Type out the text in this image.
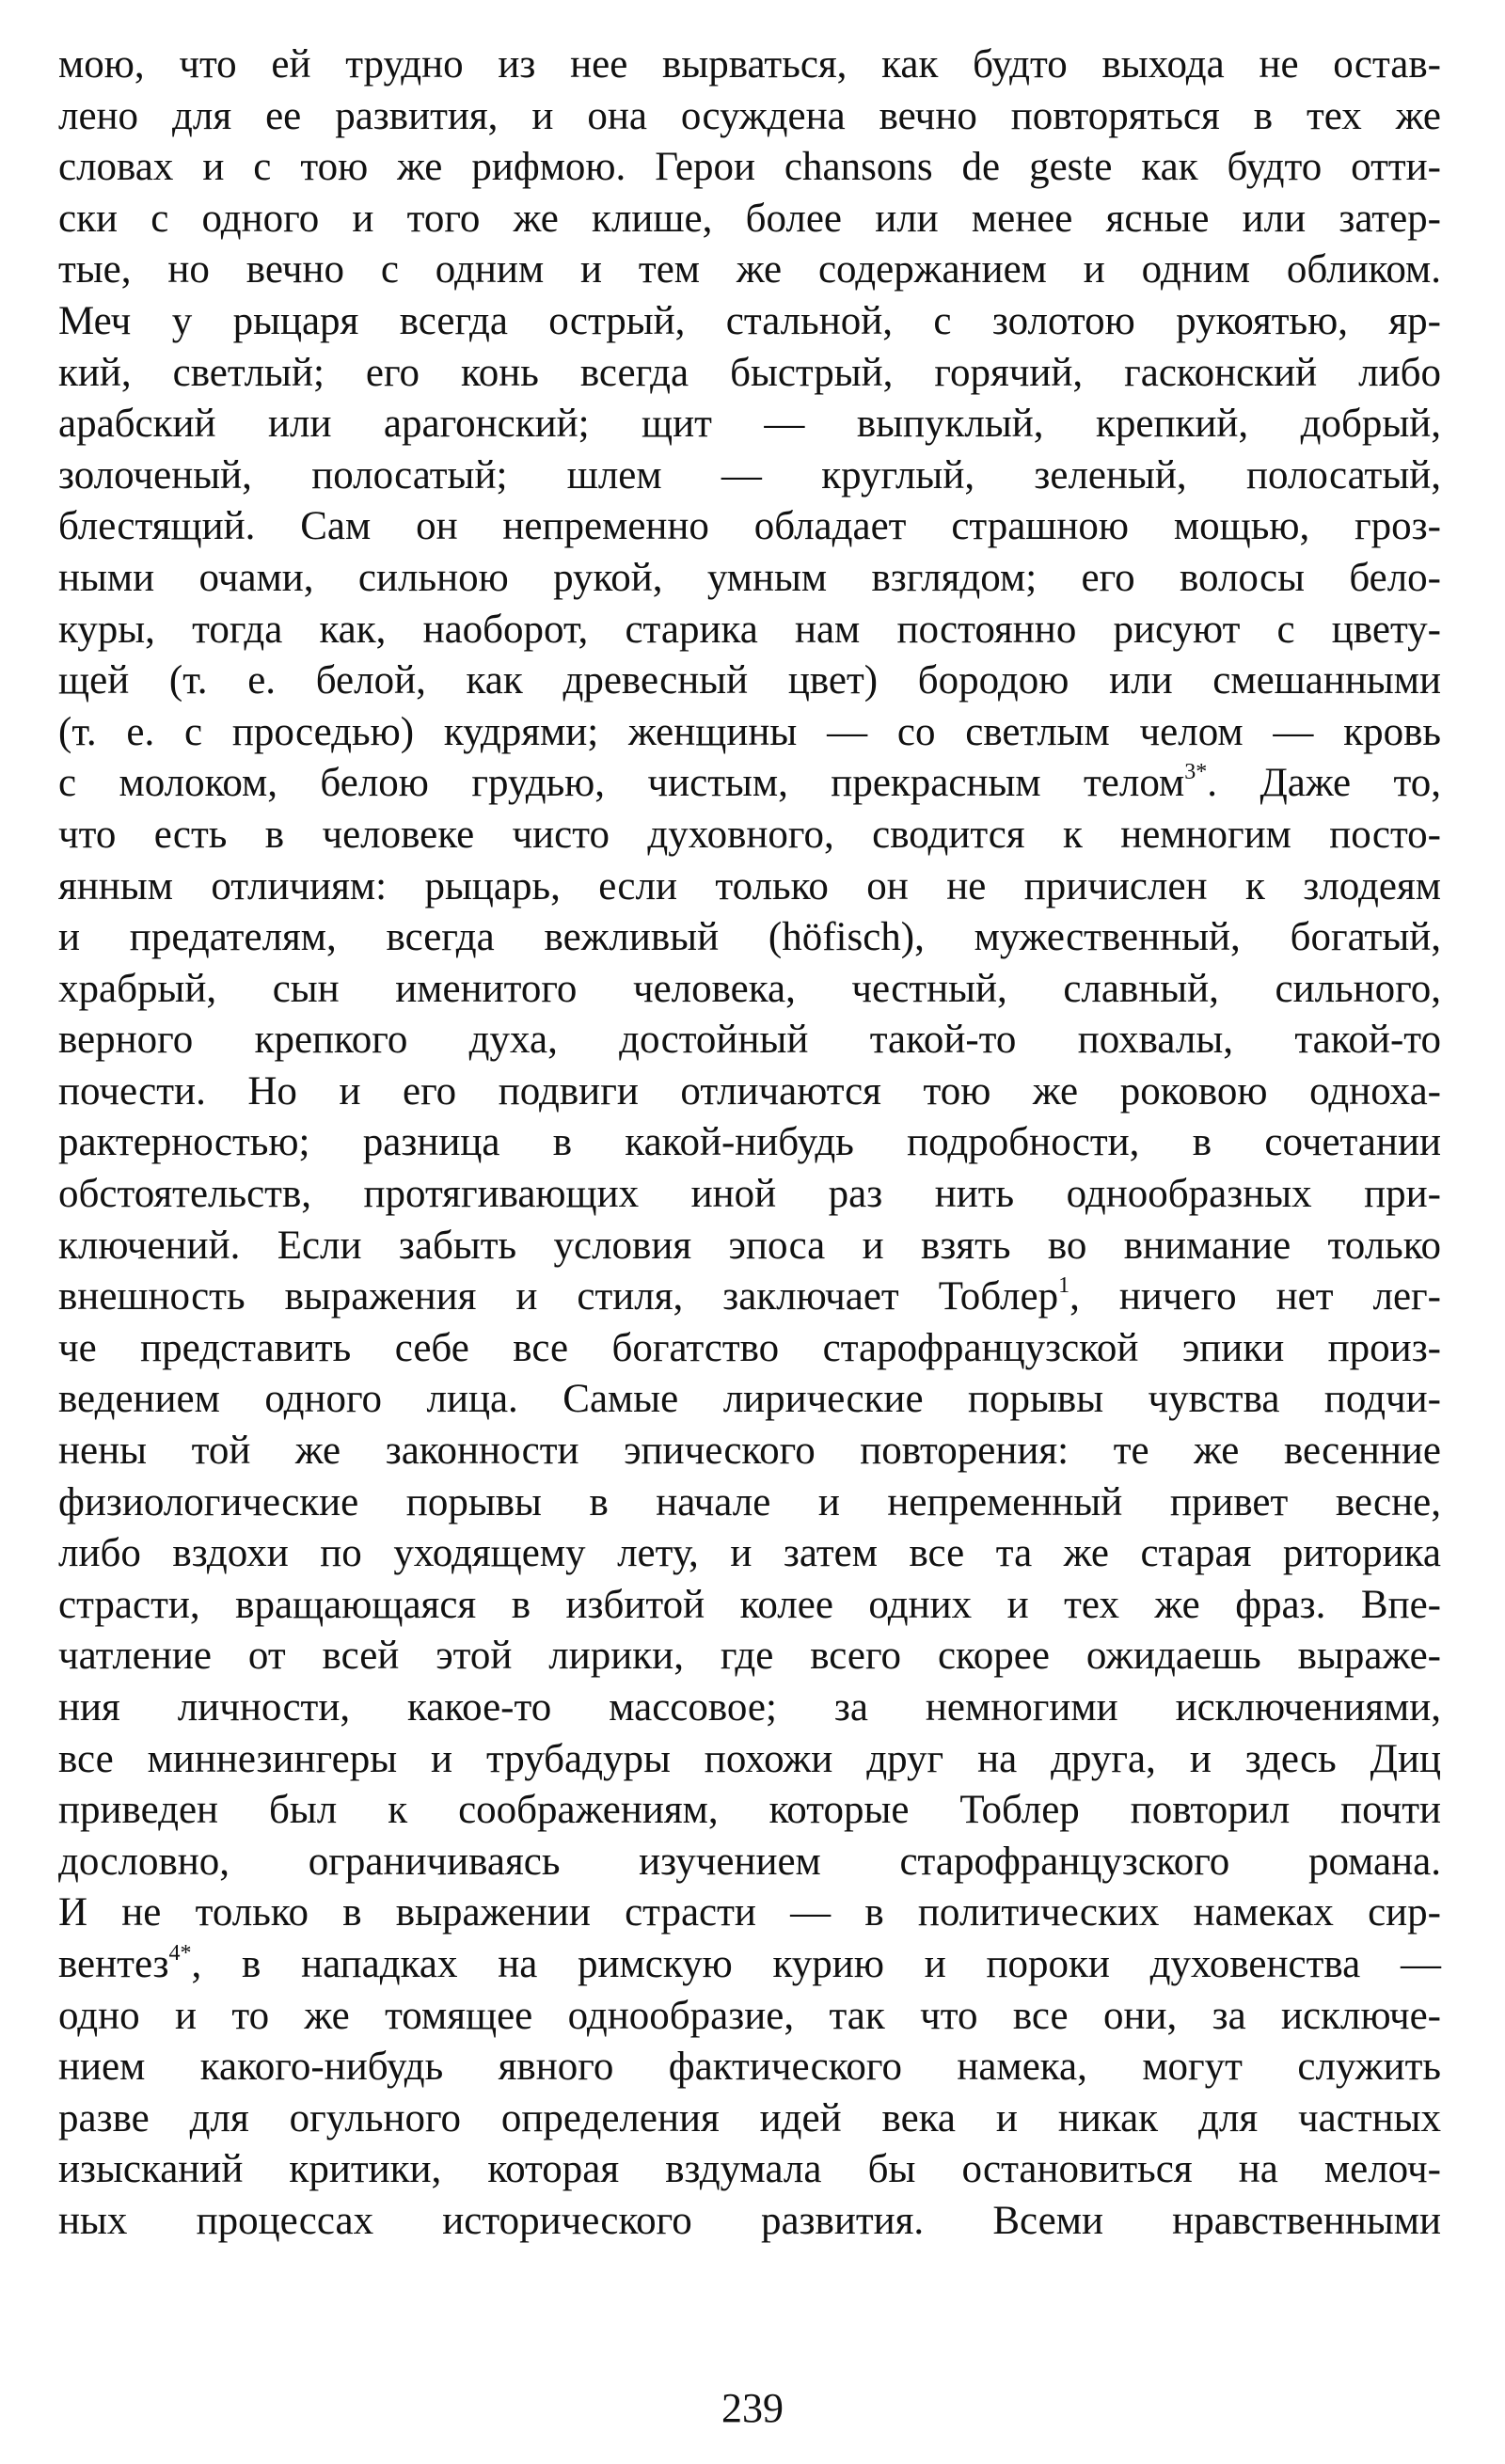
мою, что ей трудно из нее вырваться, как будто выхода не остав-
лено для ее развития, и она осуждена вечно повторяться в тех же
словах и с тою же рифмою. Герои chansons de geste как будто отти-
ски с одного и того же клише, более или менее ясные или затер-
тые, но вечно с одним и тем же содержанием и одним обликом.
Меч у рыцаря всегда острый, стальной, с золотою рукоятью, яр-
кий, светлый; его конь всегда быстрый, горячий, гасконский либо
арабский или арагонский; щит — выпуклый, крепкий, добрый,
золоченый, полосатый; шлем — круглый, зеленый, полосатый,
блестящий. Сам он непременно обладает страшною мощью, гроз-
ными очами, сильною рукой, умным взглядом; его волосы бело-
куры, тогда как, наоборот, старика нам постоянно рисуют с цвету-
щей (т. е. белой, как древесный цвет) бородою или смешанными
(т. е. с проседью) кудрями; женщины — со светлым челом — кровь
с молоком, белою грудью, чистым, прекрасным телом$^{3*}$. Даже то,
что есть в человеке чисто духовного, сводится к немногим посто-
янным отличиям: рыцарь, если только он не причислен к злодеям
и предателям, всегда вежливый (höfisch), мужественный, богатый,
храбрый, сын именитого человека, честный, славный, сильного,
верного крепкого духа, достойный такой-то похвалы, такой-то
почести. Но и его подвиги отличаются тою же роковою одноха-
рактерностью; разница в какой-нибудь подробности, в сочетании
обстоятельств, протягивающих иной раз нить однообразных при-
ключений. Если забыть условия эпоса и взять во внимание только
внешность выражения и стиля, заключает Тоблер$^1$, ничего нет лег-
че представить себе все богатство старофранцузской эпики произ-
ведением одного лица. Самые лирические порывы чувства подчи-
нены той же законности эпического повторения: те же весенние
физиологические порывы в начале и непременный привет весне,
либо вздохи по уходящему лету, и затем все та же старая риторика
страсти, вращающаяся в избитой колее одних и тех же фраз. Впе-
чатление от всей этой лирики, где всего скорее ожидаешь выраже-
ния личности, какое-то массовое; за немногими исключениями,
все миннезингеры и трубадуры похожи друг на друга, и здесь Диц
приведен был к соображениям, которые Тоблер повторил почти
дословно, ограничиваясь изучением старофранцузского романа.
И не только в выражении страсти — в политических намеках сир-
вентез$^{4*}$, в нападках на римскую курию и пороки духовенства —
одно и то же томящее однообразие, так что все они, за исключе-
нием какого-нибудь явного фактического намека, могут служить
разве для огульного определения идей века и никак для частных
изысканий критики, которая вздумала бы остановиться на мелоч-
ных процессах исторического развития. Всеми нравственными
239
